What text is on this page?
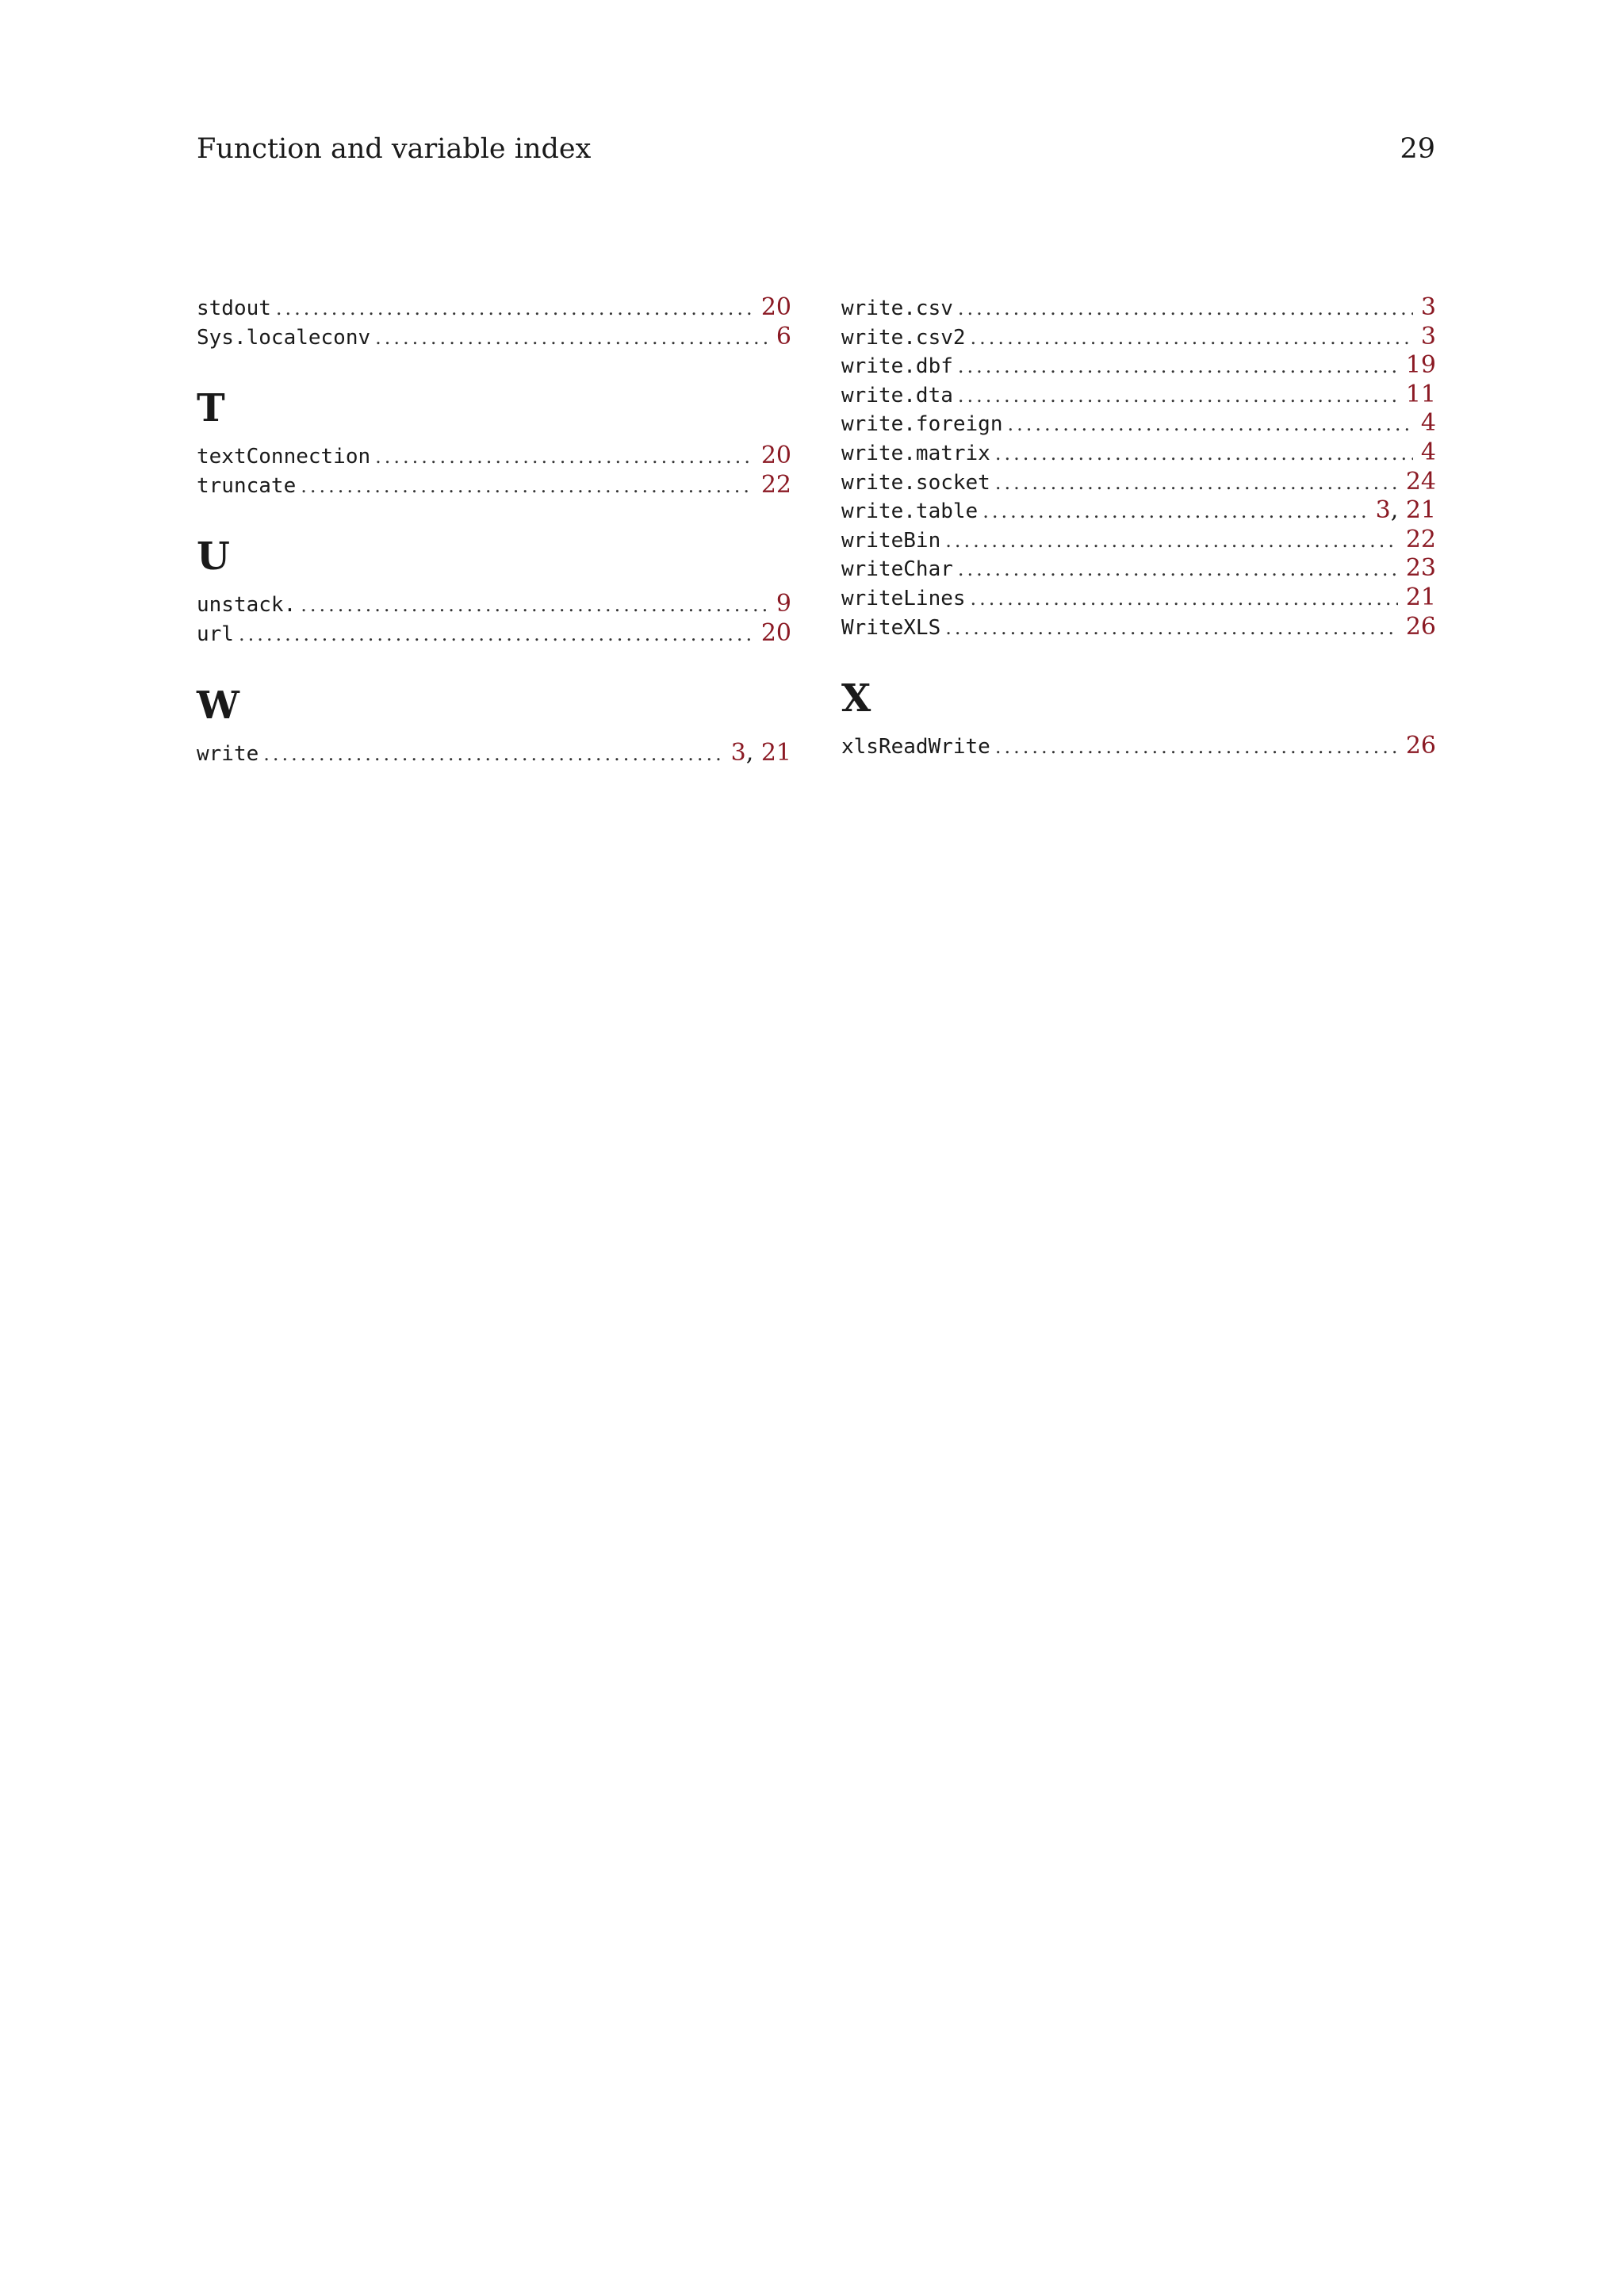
Function and variable index	29
stdout .....	20
Sys.localeconv .....	6
T
textConnection .....	20
truncate .....	22
U
unstack. .....	9
url .....	20
W
write .....	3, 21
write.csv .....	3
write.csv2 .....	3
write.dbf .....	19
write.dta .....	11
write.foreign .....	4
write.matrix .....	4
write.socket .....	24
write.table .....	3, 21
writeBin .....	22
writeChar .....	23
writeLines .....	21
WriteXLS .....	26
X
xlsReadWrite .....	26
